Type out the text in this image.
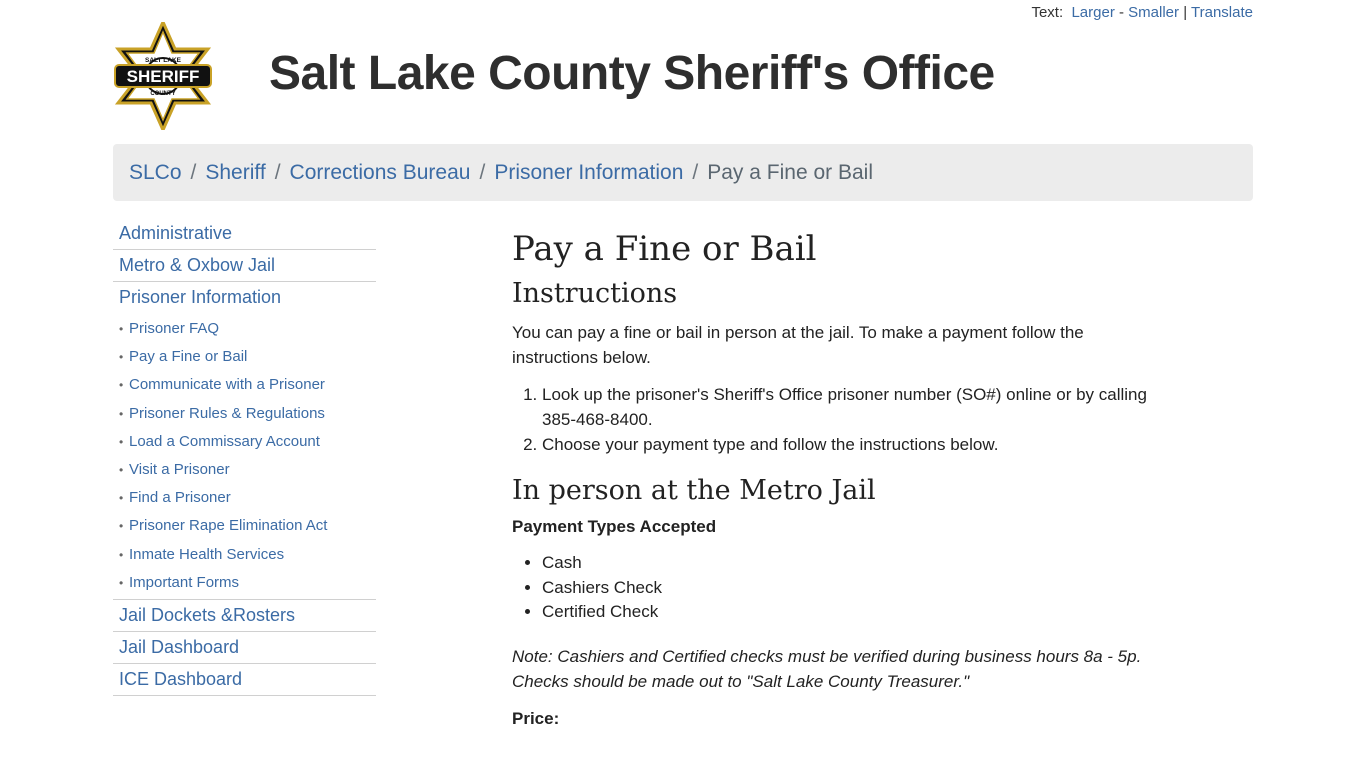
Text: Larger - Smaller | Translate
SHERIFF
SALT LAKE
COUNTY Salt Lake County Sheriff's Office
SLCo / Sheriff / Corrections Bureau / Prisoner Information / Pay a Fine or Bail
Administrative
Metro & Oxbow Jail
Prisoner Information
• Prisoner FAQ
• Pay a Fine or Bail
• Communicate with a Prisoner
• Prisoner Rules & Regulations
• Load a Commissary Account
• Visit a Prisoner
• Find a Prisoner
• Prisoner Rape Elimination Act
• Inmate Health Services
• Important Forms
Jail Dockets &Rosters
Jail Dashboard
ICE Dashboard
Pay a Fine or Bail
Instructions

You can pay a fine or bail in person at the jail. To make a payment follow the instructions below.

1. Look up the prisoner's Sheriff's Office prisoner number (SO#) online or by calling 385-468-8400.
2. Choose your payment type and follow the instructions below.
In person at the Metro Jail

Payment Types Accepted

• Cash
• Cashiers Check
• Certified Check

Note: Cashiers and Certified checks must be verified during business hours 8a - 5p.
Checks should be made out to "Salt Lake County Treasurer."

Price:
